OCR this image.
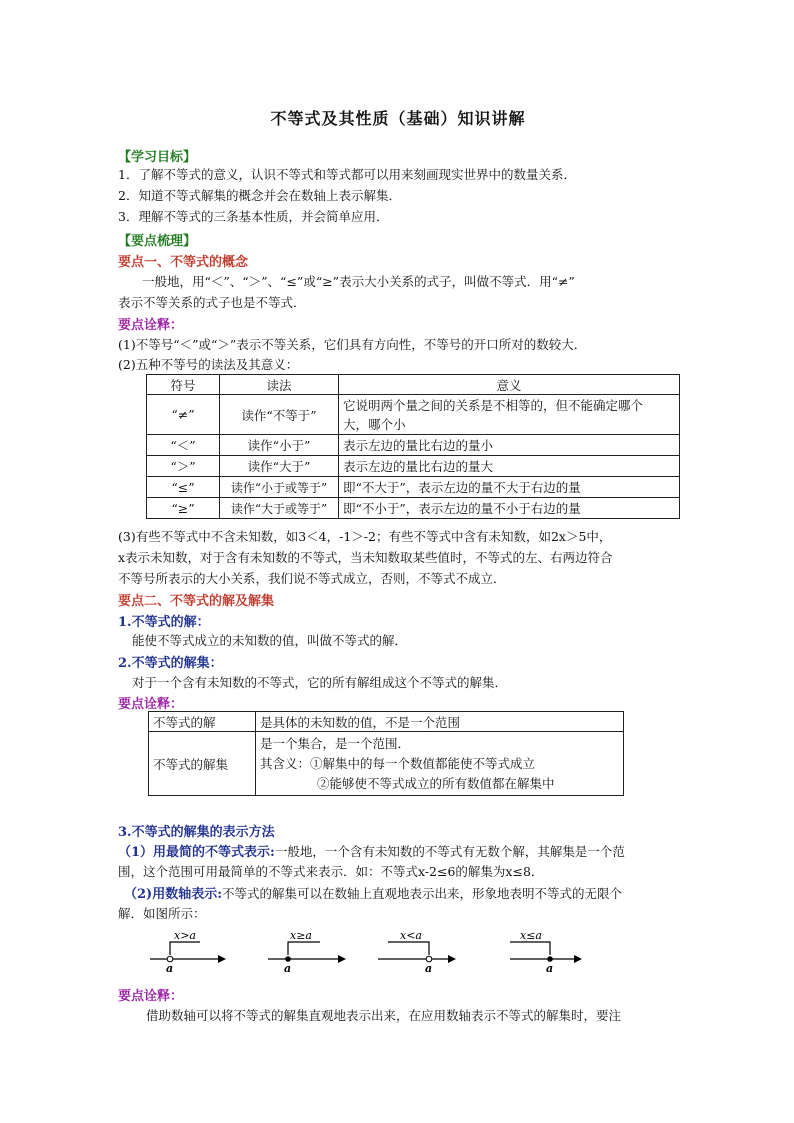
不等式及其性质（基础）知识讲解
【学习目标】
1．了解不等式的意义，认识不等式和等式都可以用来刻画现实世界中的数量关系．
2．知道不等式解集的概念并会在数轴上表示解集．
3．理解不等式的三条基本性质，并会简单应用．
【要点梳理】
要点一、不等式的概念
一般地，用“＜”、“＞”、“≤”或“≥”表示大小关系的式子，叫做不等式．用“≠”
表示不等关系的式子也是不等式．
要点诠释：
(1)不等号“＜”或“＞”表示不等关系，它们具有方向性，不等号的开口所对的数较大．
(2)五种不等号的读法及其意义：
符号	读法	意义
“≠”	读作“不等于”	它说明两个量之间的关系是不相等的，但不能确定哪个
大，哪个小

“＜”	读作“小于”	表示左边的量比右边的量小
“＞”	读作“大于”	表示左边的量比右边的量大
“≤”	读作“小于或等于”	即“不大于”，表示左边的量不大于右边的量
“≥”	读作“大于或等于”	即“不小于”，表示左边的量不小于右边的量
(3)有些不等式中不含未知数，如3＜4，-1＞-2；有些不等式中含有未知数，如2x＞5中，
x表示未知数，对于含有未知数的不等式，当未知数取某些值时，不等式的左、右两边符合
不等号所表示的大小关系，我们说不等式成立，否则，不等式不成立．
要点二、不等式的解及解集
1.不等式的解：
能使不等式成立的未知数的值，叫做不等式的解．
2.不等式的解集：
对于一个含有未知数的不等式，它的所有解组成这个不等式的解集．
要点诠释：
不等式的解	是具体的未知数的值，不是一个范围
不等式的解集	是一个集合，是一个范围．
其含义：①解集中的每一个数值都能使不等式成立
②能够使不等式成立的所有数值都在解集中
3.不等式的解集的表示方法
（1）用最简的不等式表示:一般地，一个含有未知数的不等式有无数个解，其解集是一个范
围，这个范围可用最简单的不等式来表示．如：不等式x-2≤6的解集为x≤8．
（2)用数轴表示:不等式的解集可以在数轴上直观地表示出来，形象地表明不等式的无限个
解．如图所示：
x>a
a
x≥a
a
x<a
a
x≤a
a
要点诠释：
借助数轴可以将不等式的解集直观地表示出来，在应用数轴表示不等式的解集时，要注
